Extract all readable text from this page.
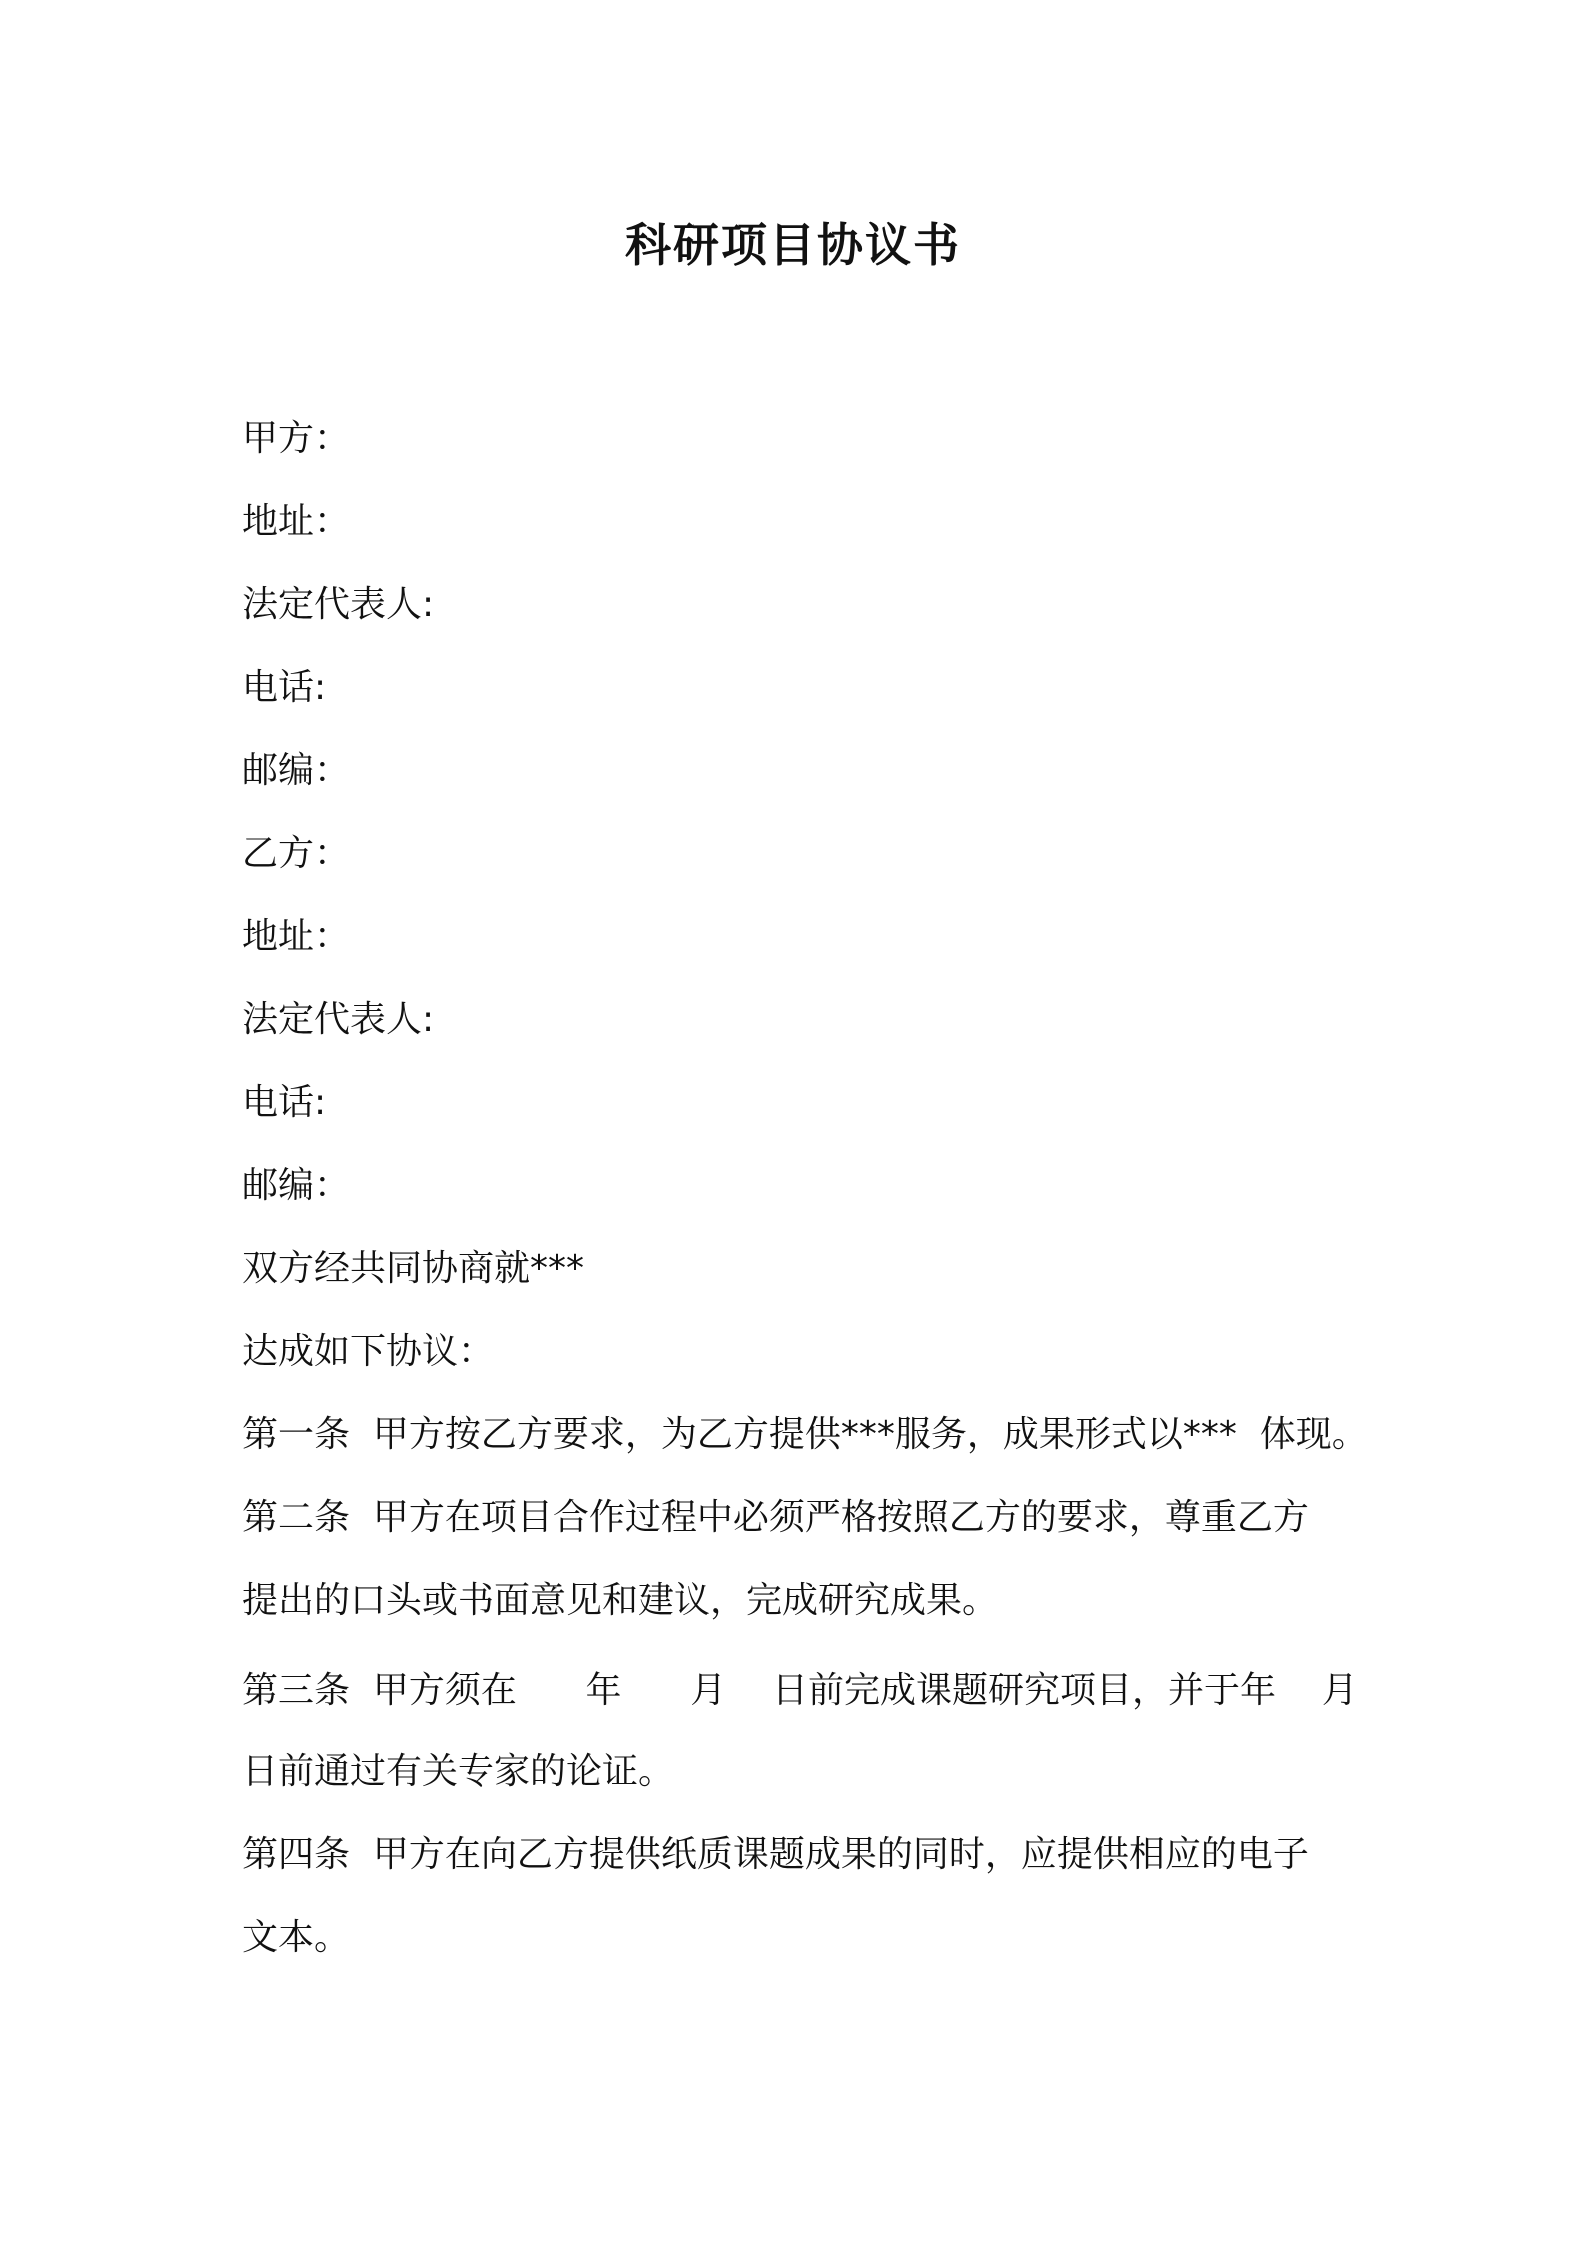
科研项目协议书
甲方：
地址：
法定代表人:
电话:
邮编：
乙方：
地址：
法定代表人:
电话:
邮编：
双方经共同协商就***
达成如下协议：
第一条  甲方按乙方要求，为乙方提供***服务，成果形式以***  体现。
第二条  甲方在项目合作过程中必须严格按照乙方的要求，尊重乙方
提出的口头或书面意见和建议，完成研究成果。
第三条  甲方须在      年      月    日前完成课题研究项目，并于年    月
日前通过有关专家的论证。
第四条  甲方在向乙方提供纸质课题成果的同时，应提供相应的电子
文本。
